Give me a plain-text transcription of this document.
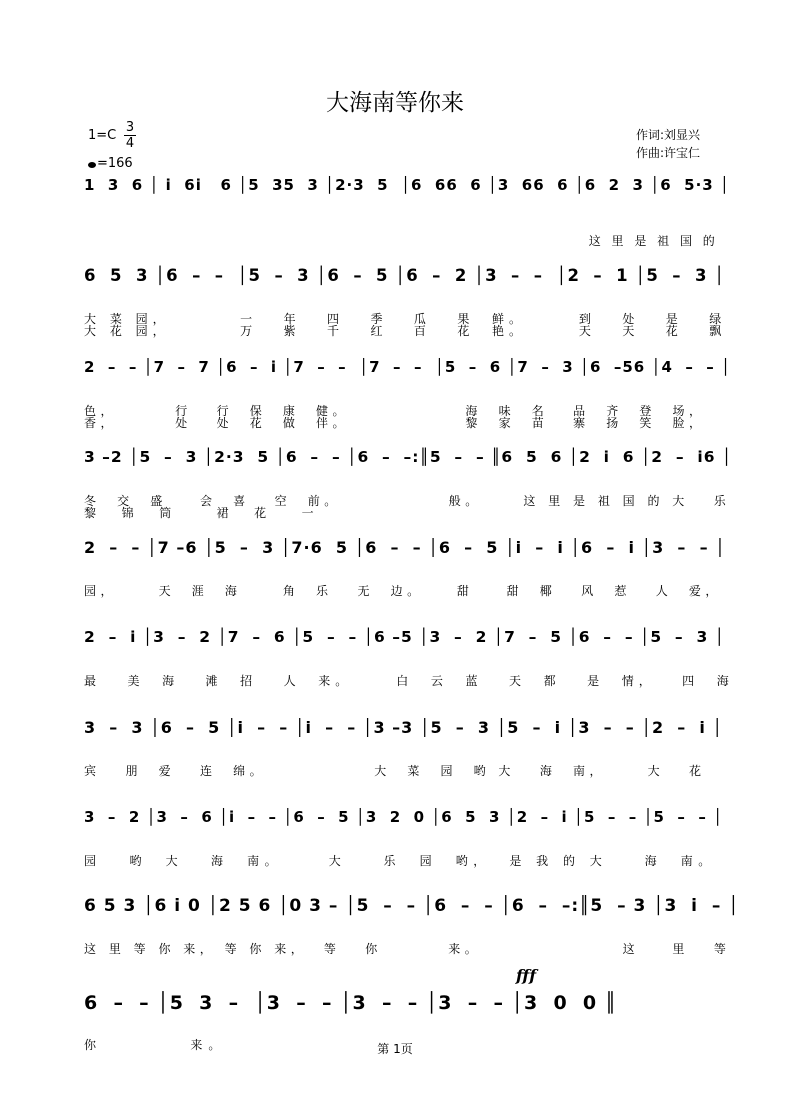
大海南等你来
$1=C \frac{3}{4}$
=166
作词:刘显兴
作曲:许宝仁
1  3  6 │ i  6i   6 │5  35  3 │2·3  5  │6  66  6 │3  66  6 │6  2  3 │6  5·3 │
这 里 是 祖 国 的
6  5  3 │6  –  –  │5  –  3 │6  –  5 │6  –  2 │3  –  –  │2  –  1 │5  –  3 │
大 菜 园，        一   年   四   季   瓜   果  鲜。      到   处   是   绿
大 花 园，        万   紫   千   红   百   花  艳。      天   天   花   飘
2  –  – │7  –  7 │6  –  i │7  –  –  │7  –  –  │5  –  6 │7  –  3 │6  –56 │4  –  – │
色，       行   行  保  康  健。              海  味  名   品  齐  登  场，
香，       处   处  花  做  伴。              黎  家  苗   寨  扬  笑  脸，
3 –2 │5  –  3 │2·3  5 │6  –  – │6  –  –:║5  –  – ║6  5  6 │2  i  6 │2  –  i6 │
冬  交  盛    会  喜   空  前。             般。     这 里 是 祖 国 的 大   乐
黎  锦  筒    裙  花   一
2  –  – │7 –6 │5  –  3 │7·6  5 │6  –  – │6  –  5 │i  –  i │6  –  i │3  –  – │
园，     天  涯  海     角  乐   无  边。    甜    甜  椰   风  惹   人  爱，
2  –  i │3  –  2 │7  –  6 │5  –  – │6 –5 │3  –  2 │7  –  5 │6  –  – │5  –  3 │
最   美  海   滩  招   人  来。     白  云  蓝   天  都   是  情，   四  海
3  –  3 │6  –  5 │i  –  – │i  –  – │3 –3 │5  –  3 │5  –  i │3  –  – │2  –  i │
宾   朋  爱   连  绵。             大  菜  园  哟 大   海  南，     大   花
3  –  2 │3  –  6 │i  –  – │6  –  5 │3  2  0 │6  5  3 │2  –  i │5  –  – │5  –  – │
园   哟  大   海  南。     大    乐  园  哟，  是 我 的 大    海  南。
6 5 3 │6 i 0 │2 5 6 │0 3 – │5  –  – │6  –  – │6  –  –:║5  – 3 │3  i  – │
这 里 等 你 来， 等 你 来，  等   你        来。                 这    里   等
6  –  – │5  3  –  │3  –  – │3  –  – │3  –  – │3  0  0 ║
你         来。
fff
第 1页
